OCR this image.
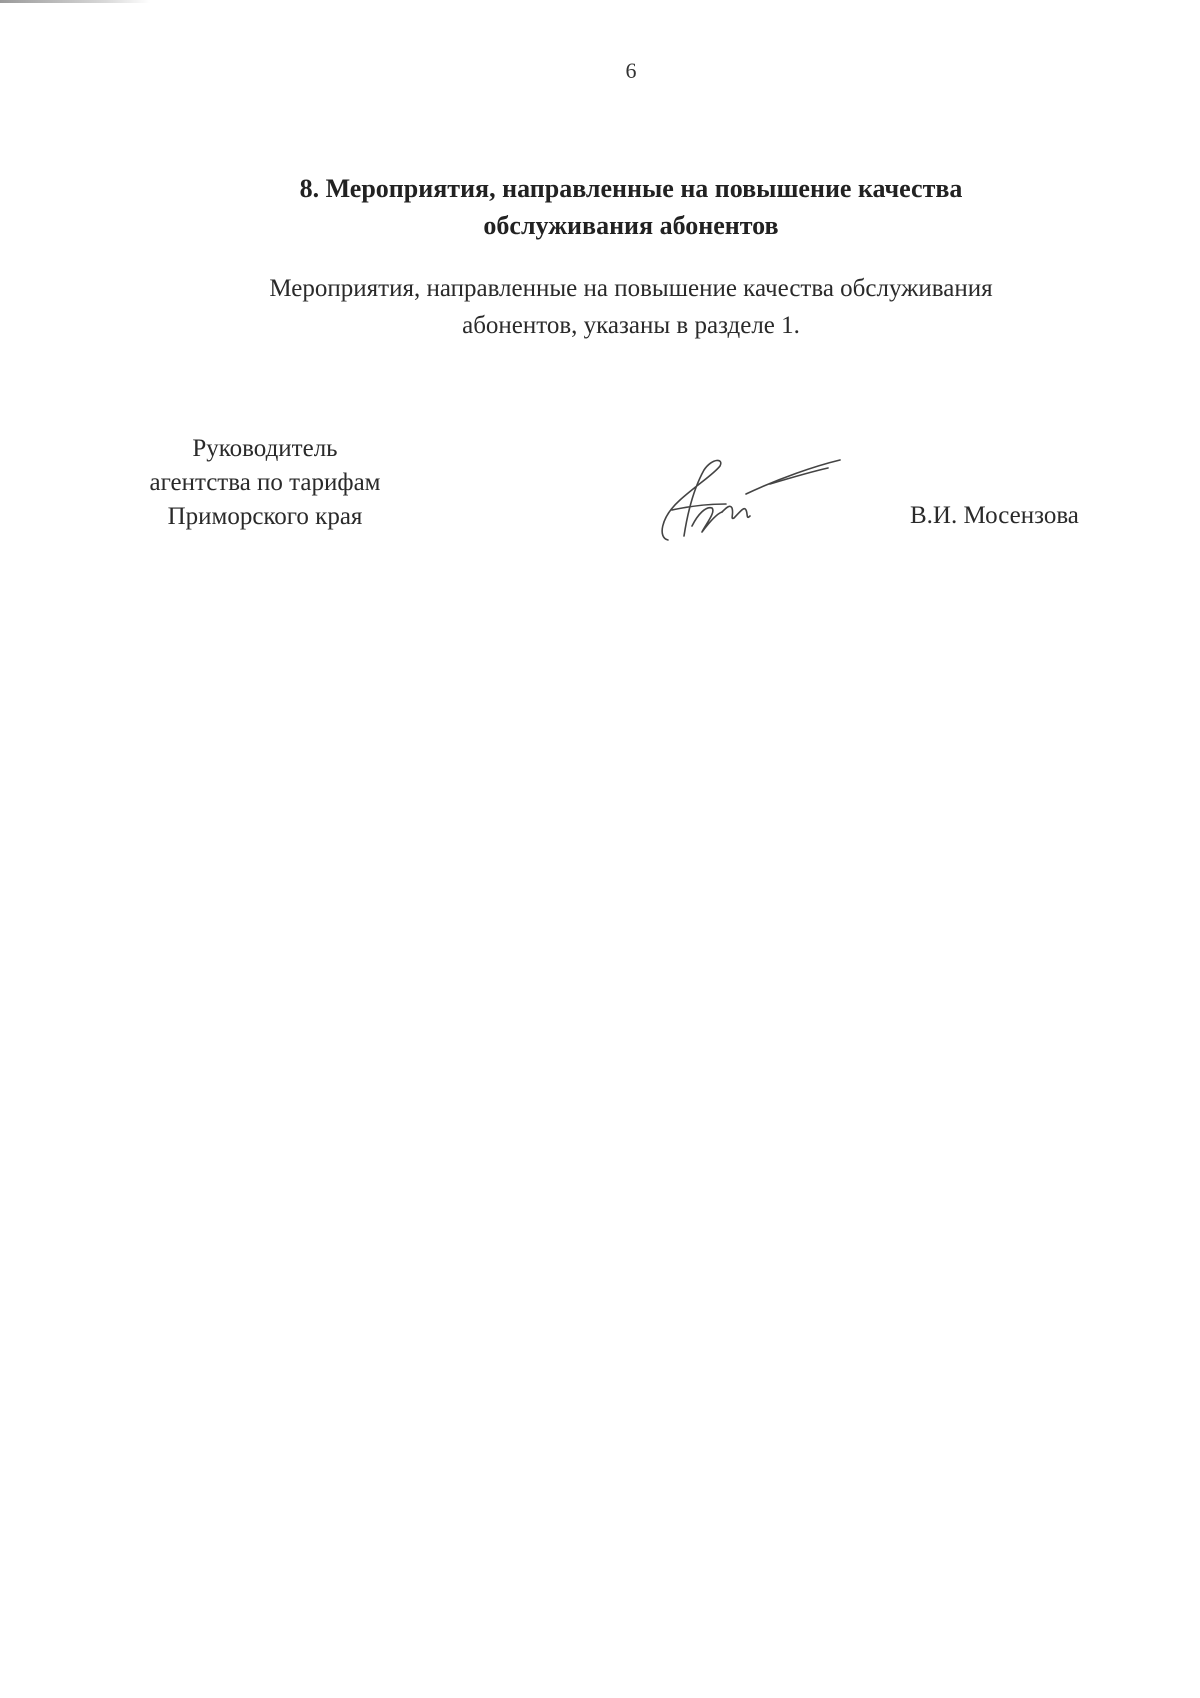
6
8. Мероприятия, направленные на повышение качества
обслуживания абонентов
Мероприятия, направленные на повышение качества обслуживания
абонентов, указаны в разделе 1.
Руководитель
агентства по тарифам
Приморского края	В.И. Мосензова
